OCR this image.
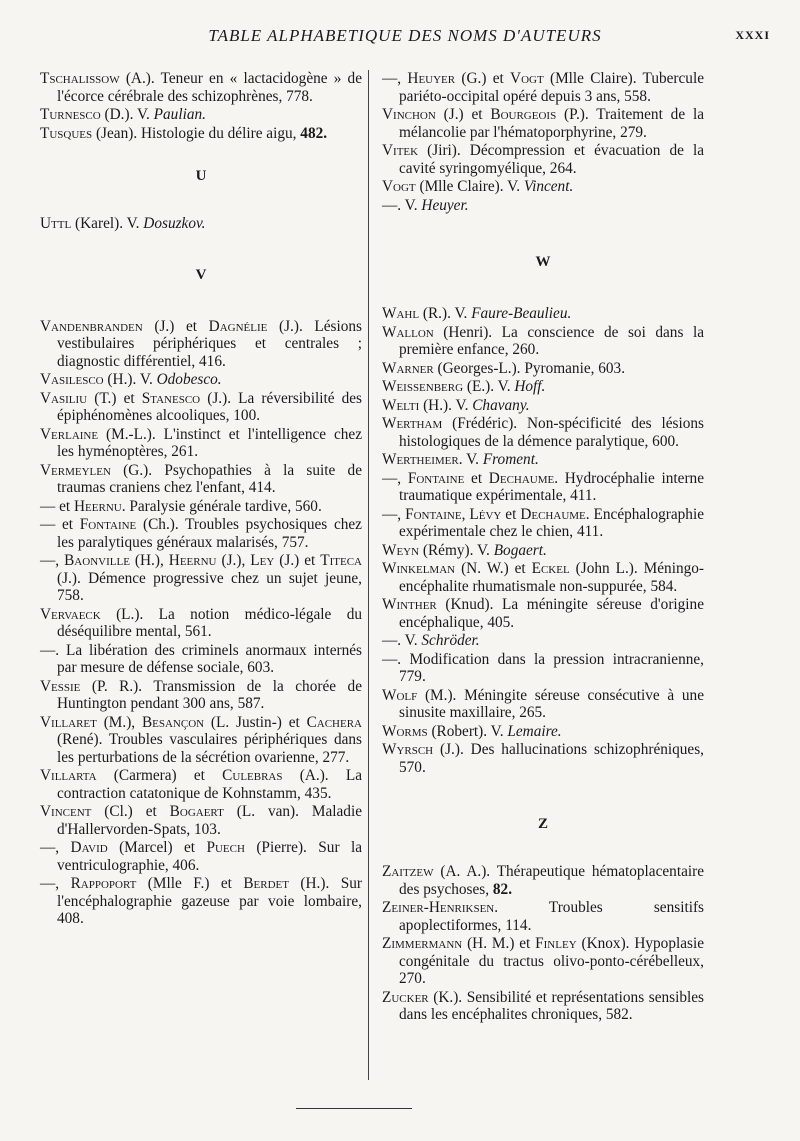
TABLE ALPHABETIQUE DES NOMS D'AUTEURS	XXXI

Tschalissow (A.). Teneur en « lactacidogène » de l'écorce cérébrale des schizophrènes, 778.

Turnesco (D.). V. Paulian.

Tusques (Jean). Histologie du délire aigu, 482.

U

Uttl (Karel). V. Dosuzkov.

V

Vandenbranden (J.) et Dagnélie (J.). Lésions vestibulaires périphériques et centrales ; diagnostic différentiel, 416.

Vasilesco (H.). V. Odobesco.

Vasiliu (T.) et Stanesco (J.). La réversibilité des épiphénomènes alcooliques, 100.

Verlaine (M.-L.). L'instinct et l'intelligence chez les hyménoptères, 261.

Vermeylen (G.). Psychopathies à la suite de traumas craniens chez l'enfant, 414.

— et Heernu. Paralysie générale tardive, 560.

— et Fontaine (Ch.). Troubles psychosiques chez les paralytiques généraux malarisés, 757.

—, Baonville (H.), Heernu (J.), Ley (J.) et Titeca (J.). Démence progressive chez un sujet jeune, 758.

Vervaeck (L.). La notion médico-légale du déséquilibre mental, 561.

—. La libération des criminels anormaux internés par mesure de défense sociale, 603.

Vessie (P. R.). Transmission de la chorée de Huntington pendant 300 ans, 587.

Villaret (M.), Besançon (L. Justin-) et Cachera (René). Troubles vasculaires périphériques dans les perturbations de la sécrétion ovarienne, 277.

Villarta (Carmera) et Culebras (A.). La contraction catatonique de Kohnstamm, 435.

Vincent (Cl.) et Bogaert (L. van). Maladie d'Hallervorden-Spats, 103.

—, David (Marcel) et Puech (Pierre). Sur la ventriculographie, 406.

—, Rappoport (Mlle F.) et Berdet (H.). Sur l'encéphalographie gazeuse par voie lombaire, 408.

—, Heuyer (G.) et Vogt (Mlle Claire). Tubercule pariéto-occipital opéré depuis 3 ans, 558.

Vinchon (J.) et Bourgeois (P.). Traitement de la mélancolie par l'hématoporphyrine, 279.

Vitek (Jiri). Décompression et évacuation de la cavité syringomyélique, 264.

Vogt (Mlle Claire). V. Vincent.

—. V. Heuyer.

W

Wahl (R.). V. Faure-Beaulieu.

Wallon (Henri). La conscience de soi dans la première enfance, 260.

Warner (Georges-L.). Pyromanie, 603.

Weissenberg (E.). V. Hoff.

Welti (H.). V. Chavany.

Wertham (Frédéric). Non-spécificité des lésions histologiques de la démence paralytique, 600.

Wertheimer. V. Froment.

—, Fontaine et Dechaume. Hydrocéphalie interne traumatique expérimentale, 411.

—, Fontaine, Lévy et Dechaume. Encéphalographie expérimentale chez le chien, 411.

Weyn (Rémy). V. Bogaert.

Winkelman (N. W.) et Eckel (John L.). Méningo-encéphalite rhumatismale non-suppurée, 584.

Winther (Knud). La méningite séreuse d'origine encéphalique, 405.

—. V. Schröder.

—. Modification dans la pression intracranienne, 779.

Wolf (M.). Méningite séreuse consécutive à une sinusite maxillaire, 265.

Worms (Robert). V. Lemaire.

Wyrsch (J.). Des hallucinations schizophréniques, 570.

Z

Zaitzew (A. A.). Thérapeutique hématoplacentaire des psychoses, 82.

Zeiner-Henriksen. Troubles sensitifs apoplectiformes, 114.

Zimmermann (H. M.) et Finley (Knox). Hypoplasie congénitale du tractus olivo-ponto-cérébelleux, 270.

Zucker (K.). Sensibilité et représentations sensibles dans les encéphalites chroniques, 582.
